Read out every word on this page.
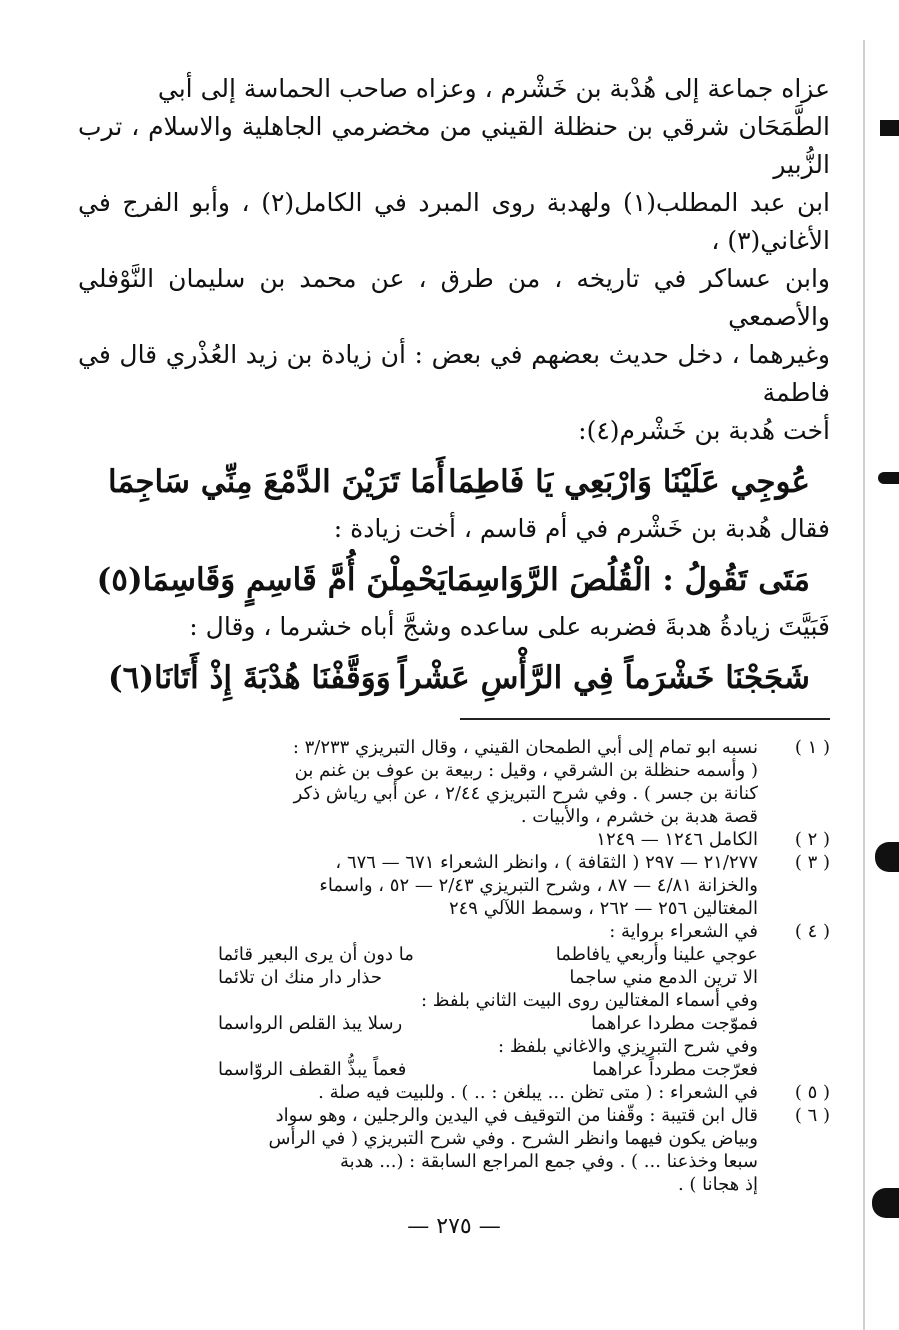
عزاه جماعة إلى هُدْبة بن خَشْرم ، وعزاه صاحب الحماسة إلى أبي

الطَّمَحَان شرقي بن حنظلة القيني من مخضرمي الجاهلية والاسلام ، ترب الزُّبير

ابن عبد المطلب(١) ولهدبة روى المبرد في الكامل(٢) ، وأبو الفرج في الأغاني(٣) ،

وابن عساكر في تاريخه ، من طرق ، عن محمد بن سليمان النَّوْفلي والأصمعي

وغيرهما ، دخل حديث بعضهم في بعض : أن زيادة بن زيد العُذْري قال في فاطمة

أخت هُدبة بن خَشْرم(٤):

عُوجِي عَلَيْنَا وَارْبَعِي يَا فَاطِمَا
أَمَا تَرَيْنَ الدَّمْعَ مِنِّي سَاجِمَا

فقال هُدبة بن خَشْرم في أم قاسم ، أخت زيادة :

مَتَى تَقُولُ : الْقُلُصَ الرَّوَاسِمَا
يَحْمِلْنَ أُمَّ قَاسِمٍ وَقَاسِمَا(٥)

فَبَيَّتَ زيادةُ هدبةَ فضربه على ساعده وشجَّ أباه خشرما ، وقال :

شَجَجْنَا خَشْرَماً فِي الرَّأْسِ عَشْراً
وَوَقَّفْنَا هُدْبَةَ إِذْ أَتَانَا(٦)
( ١ )
نسبه ابو تمام إلى أبي الطمحان القيني ، وقال التبريزي ٣/٢٣٣ :
( وأسمه حنظلة بن الشرقي ، وقيل : ربيعة بن عوف بن غنم بن
كنانة بن جسر ) . وفي شرح التبريزي ٢/٤٤ ، عن أبي رياش ذكر
قصة هدبة بن خشرم ، والأبيات .
( ٢ )
الكامل ١٢٤٦ — ١٢٤٩
( ٣ )
٢١/٢٧٧ — ٢٩٧ ( الثقافة ) ، وانظر الشعراء ٦٧١ — ٦٧٦ ،
والخزانة ٤/٨١ — ٨٧ ، وشرح التبريزي ٢/٤٣ — ٥٢ ، واسماء
المغتالين ٢٥٦ — ٢٦٢ ، وسمط اللآلي ٢٤٩
( ٤ )
في الشعراء برواية :
عوجي علينا وأربعي يافاطما
ما دون أن يرى البعير قائما
الا ترين الدمع مني ساجما
حذار دار منك ان تلائما
وفي أسماء المغتالين روى البيت الثاني بلفظ :
فموّجت مطردا عراهما
رسلا يبذ القلص الرواسما
وفي شرح التبريزي والاغاني بلفظ :
فعرّجت مطرداً عراهما
فعماً يبذُّ القطف الروّاسما
( ٥ )
في الشعراء : ( متى تظن ... يبلغن : .. ) . وللبيت فيه صلة .
( ٦ )
قال ابن قتيبة : وقّفنا من التوقيف في اليدين والرجلين ، وهو سواد
وبياض يكون فيهما وانظر الشرح . وفي شرح التبريزي ( في الرأس
سبعا وخذعنا ... ) . وفي جمع المراجع السابقة : (... هدبة
إذ هجانا ) .
— ٢٧٥ —
